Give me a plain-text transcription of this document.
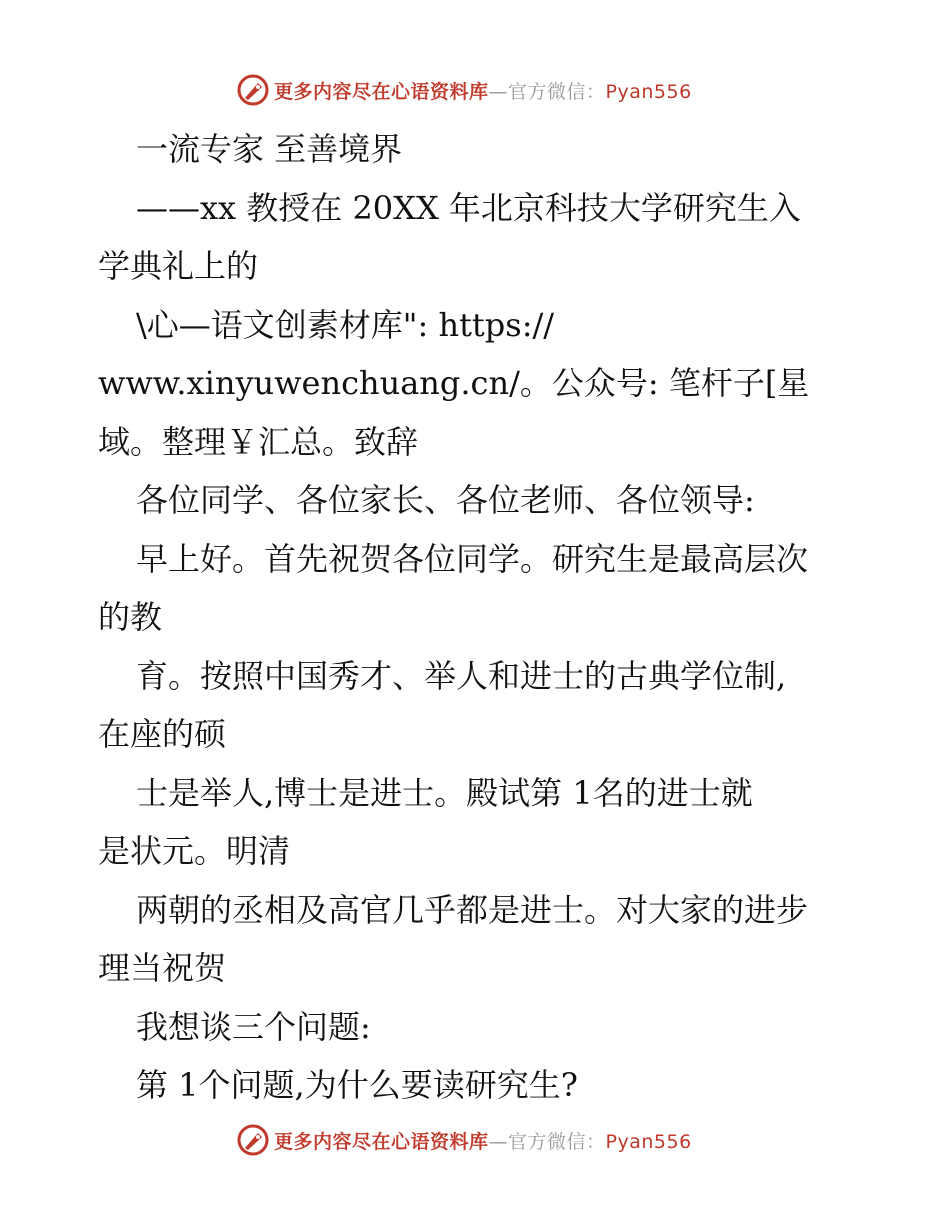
更多内容尽在心语资料库—官方微信：Pyan556
一流专家 至善境界
——xx 教授在 20XX 年北京科技大学研究生入
学典礼上的
\心—语文创素材库": https://
www.xinyuwenchuang.cn/。公众号: 笔杆子[星
域。整理￥汇总。致辞
各位同学、各位家长、各位老师、各位领导:
早上好。首先祝贺各位同学。研究生是最高层次
的教
育。按照中国秀才、举人和进士的古典学位制,
在座的硕
士是举人,博士是进士。殿试第 1名的进士就
是状元。明清
两朝的丞相及高官几乎都是进士。对大家的进步
理当祝贺
我想谈三个问题:
第 1个问题,为什么要读研究生?
更多内容尽在心语资料库—官方微信：Pyan556
